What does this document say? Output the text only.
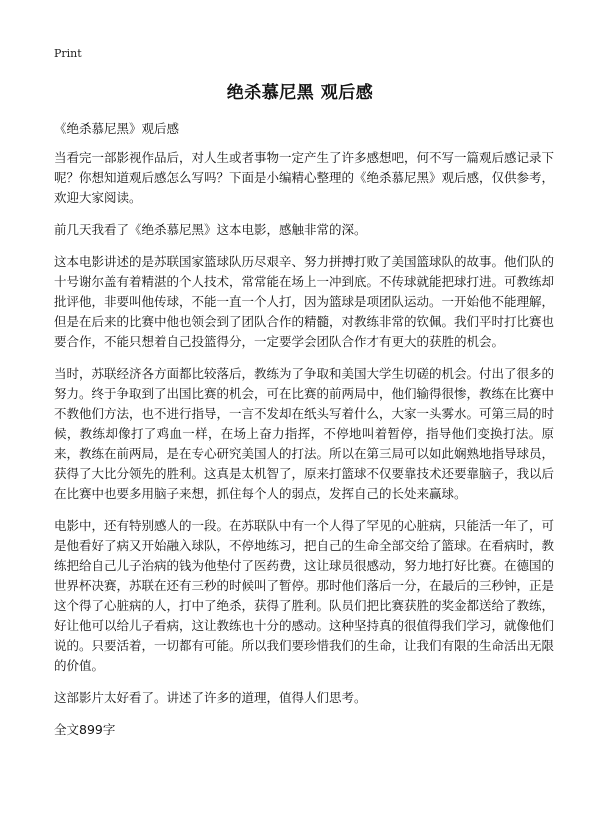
Print
绝杀慕尼黑 观后感

《绝杀慕尼黑》观后感

当看完一部影视作品后，对人生或者事物一定产生了许多感想吧，何不写一篇观后感记录下呢？你想知道观后感怎么写吗？下面是小编精心整理的《绝杀慕尼黑》观后感，仅供参考，欢迎大家阅读。

前几天我看了《绝杀慕尼黑》这本电影，感触非常的深。

这本电影讲述的是苏联国家篮球队历尽艰辛、努力拼搏打败了美国篮球队的故事。他们队的十号谢尔盖有着精湛的个人技术，常常能在场上一冲到底。不传球就能把球打进。可教练却批评他，非要叫他传球，不能一直一个人打，因为篮球是项团队运动。一开始他不能理解，但是在后来的比赛中他也领会到了团队合作的精髓，对教练非常的钦佩。我们平时打比赛也要合作，不能只想着自己投篮得分，一定要学会团队合作才有更大的获胜的机会。

当时，苏联经济各方面都比较落后，教练为了争取和美国大学生切磋的机会。付出了很多的努力。终于争取到了出国比赛的机会，可在比赛的前两局中，他们输得很惨，教练在比赛中不教他们方法，也不进行指导，一言不发却在纸头写着什么，大家一头雾水。可第三局的时候，教练却像打了鸡血一样，在场上奋力指挥，不停地叫着暂停，指导他们变换打法。原来，教练在前两局，是在专心研究美国人的打法。所以在第三局可以如此娴熟地指导球员，获得了大比分领先的胜利。这真是太机智了，原来打篮球不仅要靠技术还要靠脑子，我以后在比赛中也要多用脑子来想，抓住每个人的弱点，发挥自己的长处来赢球。

电影中，还有特别感人的一段。在苏联队中有一个人得了罕见的心脏病，只能活一年了，可是他看好了病又开始融入球队，不停地练习，把自己的生命全部交给了篮球。在看病时，教练把给自己儿子治病的钱为他垫付了医药费，这让球员很感动，努力地打好比赛。在德国的世界杯决赛，苏联在还有三秒的时候叫了暂停。那时他们落后一分，在最后的三秒钟，正是这个得了心脏病的人，打中了绝杀，获得了胜利。队员们把比赛获胜的奖金都送给了教练，好让他可以给儿子看病，这让教练也十分的感动。这种坚持真的很值得我们学习，就像他们说的。只要活着，一切都有可能。所以我们要珍惜我们的生命，让我们有限的生命活出无限的价值。

这部影片太好看了。讲述了许多的道理，值得人们思考。

全文899字
